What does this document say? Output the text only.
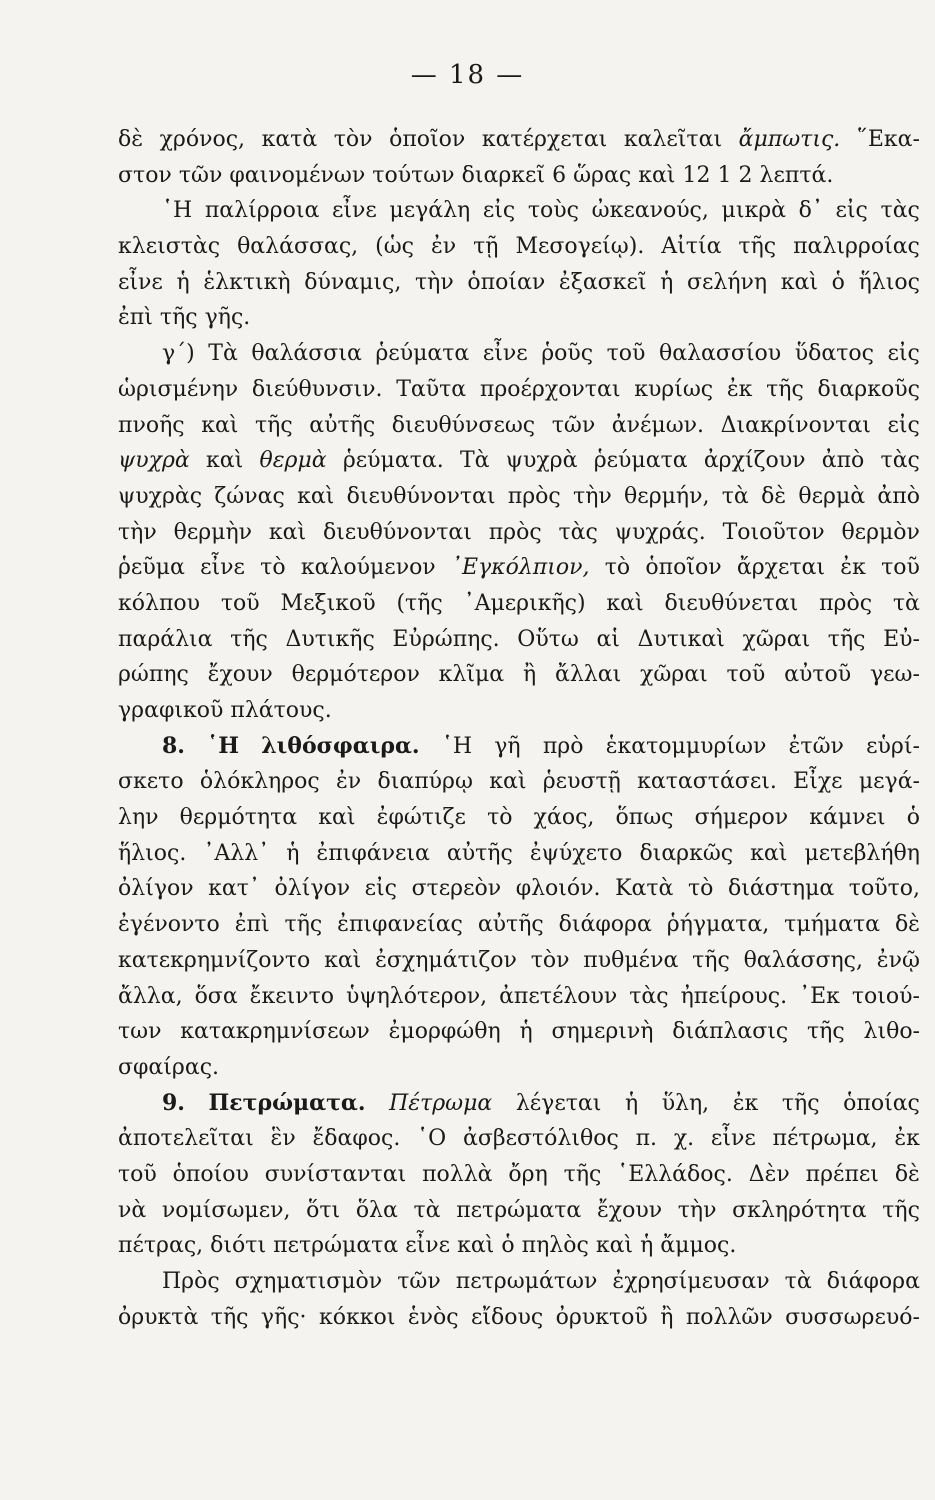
— 18 —
δὲ χρόνος, κατὰ τὸν ὁποῖον κατέρχεται καλεῖται ἄμπωτις. ῞Εκα-
στον τῶν φαινομένων τούτων διαρκεῖ 6 ὥρας καὶ 12 1 2 λεπτά.
῾Η παλίρροια εἶνε μεγάλη εἰς τοὺς ὠκεανούς, μικρὰ δ᾿ εἰς τὰς
κλειστὰς θαλάσσας, (ὡς ἐν τῇ Μεσογείῳ). Αἰτία τῆς παλιρροίας
εἶνε ἡ ἑλκτικὴ δύναμις, τὴν ὁποίαν ἐξασκεῖ ἡ σελήνη καὶ ὁ ἥλιος
ἐπὶ τῆς γῆς.
γ΄) Τὰ θαλάσσια ῥεύματα εἶνε ῥοῦς τοῦ θαλασσίου ὕδατος εἰς
ὡρισμένην διεύθυνσιν. Ταῦτα προέρχονται κυρίως ἐκ τῆς διαρκοῦς
πνοῆς καὶ τῆς αὐτῆς διευθύνσεως τῶν ἀνέμων. Διακρίνονται εἰς
ψυχρὰ καὶ θερμὰ ῥεύματα. Τὰ ψυχρὰ ῥεύματα ἀρχίζουν ἀπὸ τὰς
ψυχρὰς ζώνας καὶ διευθύνονται πρὸς τὴν θερμήν, τὰ δὲ θερμὰ ἀπὸ
τὴν θερμὴν καὶ διευθύνονται πρὸς τὰς ψυχράς. Τοιοῦτον θερμὸν
ῥεῦμα εἶνε τὸ καλούμενον ᾿Εγκόλπιον, τὸ ὁποῖον ἄρχεται ἐκ τοῦ
κόλπου τοῦ Μεξικοῦ (τῆς ᾿Αμερικῆς) καὶ διευθύνεται πρὸς τὰ
παράλια τῆς Δυτικῆς Εὐρώπης. Οὕτω αἱ Δυτικαὶ χῶραι τῆς Εὐ-
ρώπης ἔχουν θερμότερον κλῖμα ἢ ἄλλαι χῶραι τοῦ αὐτοῦ γεω-
γραφικοῦ πλάτους.
8. ῾Η λιθόσφαιρα. ῾Η γῆ πρὸ ἑκατομμυρίων ἐτῶν εὑρί-
σκετο ὁλόκληρος ἐν διαπύρῳ καὶ ῥευστῇ καταστάσει. Εἶχε μεγά-
λην θερμότητα καὶ ἐφώτιζε τὸ χάος, ὅπως σήμερον κάμνει ὁ
ἥλιος. ᾿Αλλ᾿ ἡ ἐπιφάνεια αὐτῆς ἐψύχετο διαρκῶς καὶ μετεβλήθη
ὀλίγον κατ᾿ ὀλίγον εἰς στερεὸν φλοιόν. Κατὰ τὸ διάστημα τοῦτο,
ἐγένοντο ἐπὶ τῆς ἐπιφανείας αὐτῆς διάφορα ῥήγματα, τμήματα δὲ
κατεκρημνίζοντο καὶ ἐσχημάτιζον τὸν πυθμένα τῆς θαλάσσης, ἐνῷ
ἄλλα, ὅσα ἔκειντο ὑψηλότερον, ἀπετέλουν τὰς ἠπείρους. ᾿Εκ τοιού-
των κατακρημνίσεων ἐμορφώθη ἡ σημερινὴ διάπλασις τῆς λιθο-
σφαίρας.
9. Πετρώματα. Πέτρωμα λέγεται ἡ ὕλη, ἐκ τῆς ὁποίας
ἀποτελεῖται ἓν ἔδαφος. ῾Ο ἀσβεστόλιθος π. χ. εἶνε πέτρωμα, ἐκ
τοῦ ὁποίου συνίστανται πολλὰ ὄρη τῆς ῾Ελλάδος. Δὲν πρέπει δὲ
νὰ νομίσωμεν, ὅτι ὅλα τὰ πετρώματα ἔχουν τὴν σκληρότητα τῆς
πέτρας, διότι πετρώματα εἶνε καὶ ὁ πηλὸς καὶ ἡ ἄμμος.
Πρὸς σχηματισμὸν τῶν πετρωμάτων ἐχρησίμευσαν τὰ διάφορα
ὀρυκτὰ τῆς γῆς· κόκκοι ἑνὸς εἴδους ὀρυκτοῦ ἢ πολλῶν συσσωρευό-
